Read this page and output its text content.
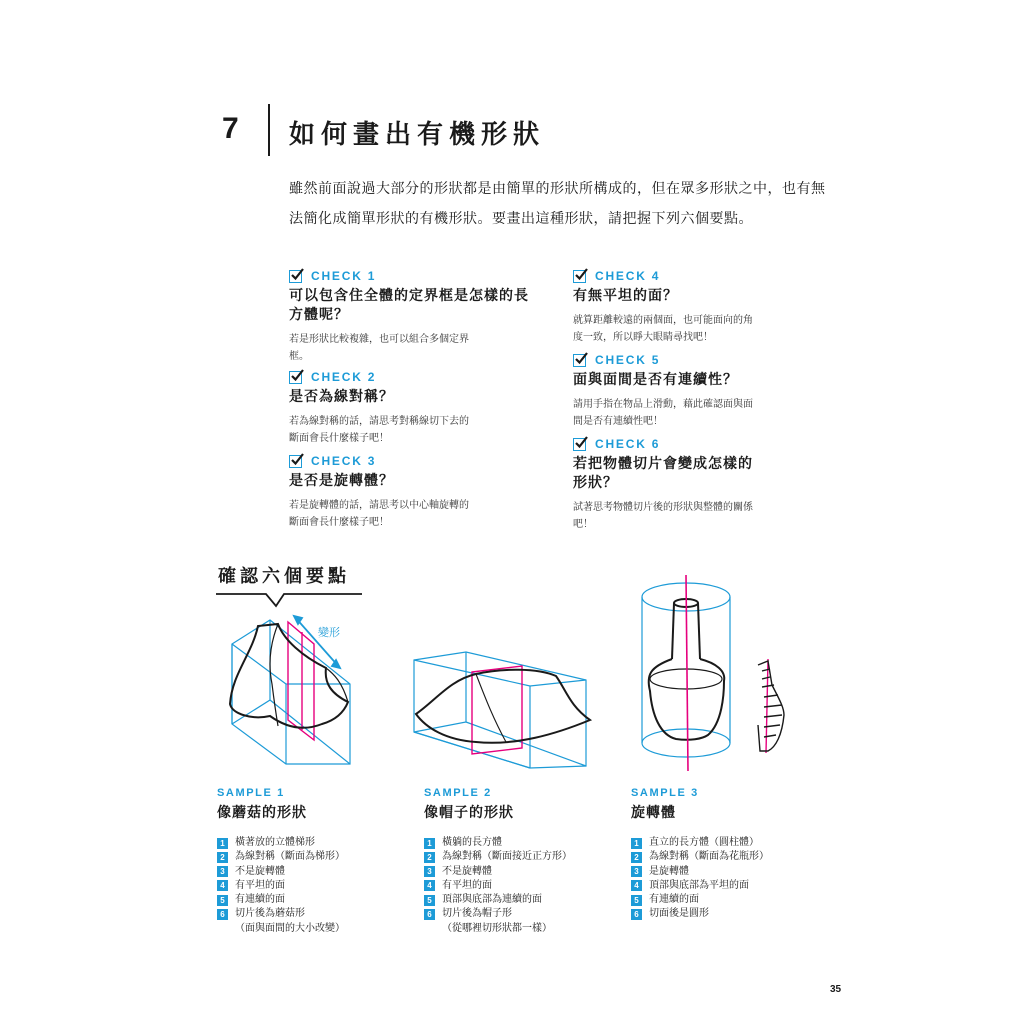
7 如何畫出有機形狀
雖然前面說過大部分的形狀都是由簡單的形狀所構成的，但在眾多形狀之中，也有無
法簡化成簡單形狀的有機形狀。要畫出這種形狀，請把握下列六個要點。
CHECK 1
可以包含住全體的定界框是怎樣的長
方體呢？
若是形狀比較複雜，也可以組合多個定界
框。
CHECK 2
是否為線對稱？
若為線對稱的話，請思考對稱線切下去的
斷面會長什麼樣子吧！
CHECK 3
是否是旋轉體？
若是旋轉體的話，請思考以中心軸旋轉的
斷面會長什麼樣子吧！
CHECK 4
有無平坦的面？
就算距離較遠的兩個面，也可能面向的角
度一致，所以睜大眼睛尋找吧！
CHECK 5
面與面間是否有連續性？
請用手指在物品上滑動，藉此確認面與面
間是否有連續性吧！
CHECK 6
若把物體切片會變成怎樣的
形狀？
試著思考物體切片後的形狀與整體的關係
吧！
確認六個要點
變形
SAMPLE 1
像蘑菇的形狀
1	橫著放的立體梯形
2	為線對稱（斷面為梯形）
3	不是旋轉體
4	有平坦的面
5	有連續的面
6	切片後為蘑菇形
（面與面間的大小改變）
SAMPLE 2
像帽子的形狀
1	橫躺的長方體
2	為線對稱（斷面接近正方形）
3	不是旋轉體
4	有平坦的面
5	頂部與底部為連續的面
6	切片後為帽子形
（從哪裡切形狀都一樣）
SAMPLE 3
旋轉體
1	直立的長方體（圓柱體）
2	為線對稱（斷面為花瓶形）
3	是旋轉體
4	頂部與底部為平坦的面
5	有連續的面
6	切面後是圓形
35
